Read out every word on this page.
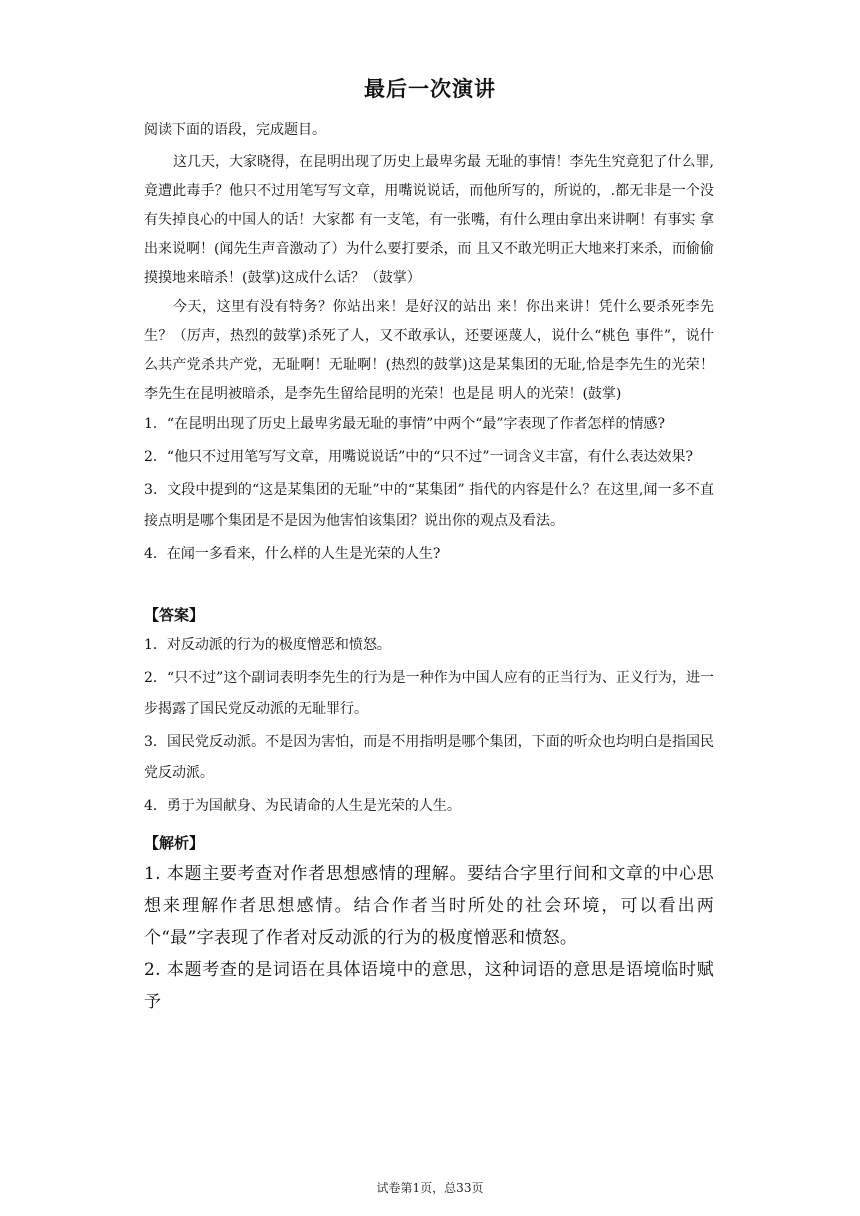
最后一次演讲

阅读下面的语段，完成题目。

这几天，大家晓得，在昆明出现了历史上最卑劣最 无耻的事情！李先生究竟犯了什么罪,竟遭此毒手？他只不过用笔写写文章，用嘴说说话，而他所写的，所说的，.都无非是一个没有失掉良心的中国人的话！大家都 有一支笔，有一张嘴，有什么理由拿出来讲啊！有事实 拿出来说啊！(闻先生声音激动了）为什么要打要杀，而 且又不敢光明正大地来打来杀，而偷偷摸摸地来暗杀！(鼓掌)这成什么话？（鼓掌）

今天，这里有没有特务？你站出来！是好汉的站出 来！你出来讲！凭什么要杀死李先生？（厉声，热烈的鼓掌)杀死了人，又不敢承认，还要诬蔑人，说什么“桃色 事件”，说什么共产党杀共产党，无耻啊！无耻啊！(热烈的鼓掌)这是某集团的无耻,恰是李先生的光荣！李先生在昆明被暗杀，是李先生留给昆明的光荣！也是昆 明人的光荣！(鼓掌)

1．“在昆明出现了历史上最卑劣最无耻的事情”中两个“最”字表现了作者怎样的情感?

2．“他只不过用笔写写文章，用嘴说说话”中的“只不过”一词含义丰富，有什么表达效果?

3．文段中提到的“这是某集团的无耻”中的“某集团” 指代的内容是什么？在这里,闻一多不直接点明是哪个集团是不是因为他害怕该集团？说出你的观点及看法。

4．在闻一多看来，什么样的人生是光荣的人生?

【答案】

1．对反动派的行为的极度憎恶和愤怒。

2．“只不过”这个副词表明李先生的行为是一种作为中国人应有的正当行为、正义行为，进一步揭露了国民党反动派的无耻罪行。

3．国民党反动派。不是因为害怕，而是不用指明是哪个集团，下面的听众也均明白是指国民党反动派。

4．勇于为国献身、为民请命的人生是光荣的人生。

【解析】

1. 本题主要考查对作者思想感情的理解。要结合字里行间和文章的中心思想来理解作者思想感情。结合作者当时所处的社会环境，可以看出两个“最”字表现了作者对反动派的行为的极度憎恶和愤怒。

2. 本题考查的是词语在具体语境中的意思，这种词语的意思是语境临时赋予

试卷第1页，总33页
